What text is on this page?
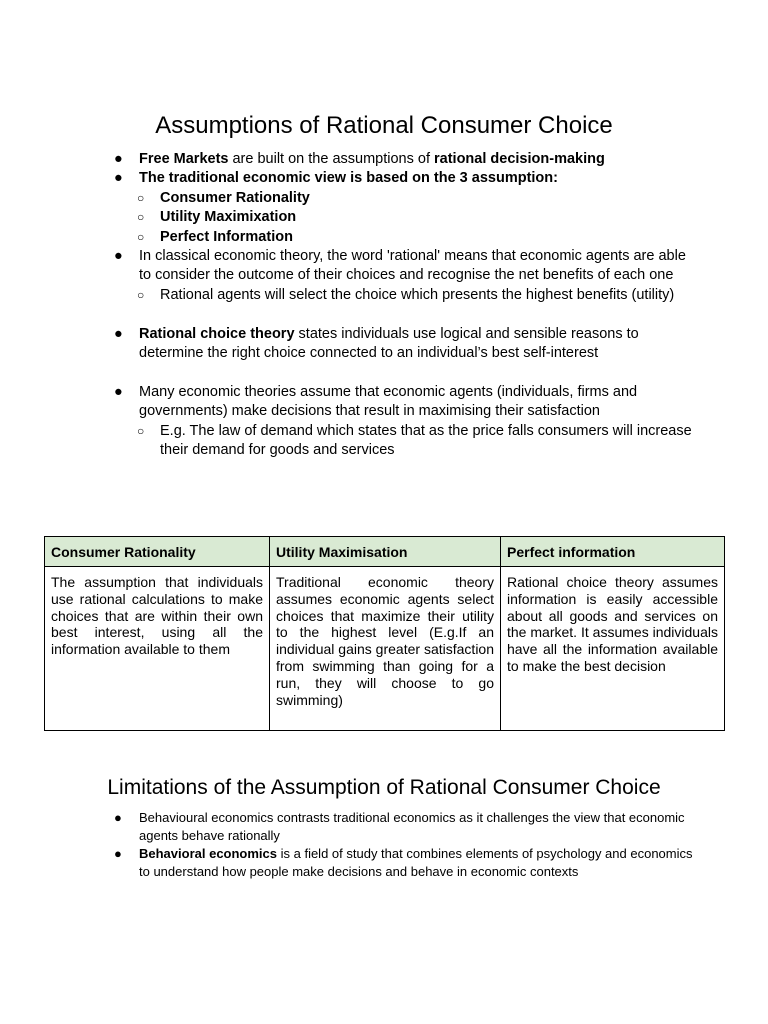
Assumptions of Rational Consumer Choice
●	Free Markets are built on the assumptions of rational decision-making
●	The traditional economic view is based on the 3 assumption:
○	Consumer Rationality
○	Utility Maximixation
○	Perfect Information
●	In classical economic theory, the word 'rational' means that economic agents are able to consider the outcome of their choices and recognise the net benefits of each one
○	Rational agents will select the choice which presents the highest benefits (utility)
●	Rational choice theory states individuals use logical and sensible reasons to determine the right choice connected to an individual’s best self-interest
●	Many economic theories assume that economic agents (individuals, firms and governments) make decisions that result in maximising their satisfaction
○	E.g. The law of demand which states that as the price falls consumers will increase their demand for goods and services
Consumer Rationality	Utility Maximisation	Perfect information
The assumption that individuals use rational calculations to make choices that are within their own best interest, using all the information available to them	Traditional economic theory assumes economic agents select choices that maximize their utility to the highest level (E.g.If an individual gains greater satisfaction from swimming than going for a run, they will choose to go swimming)	Rational choice theory assumes information is easily accessible about all goods and services on the market. It assumes individuals have all the information available to make the best decision
Limitations of the Assumption of Rational Consumer Choice
●	Behavioural economics contrasts traditional economics as it challenges the view that economic agents behave rationally
●	Behavioral economics is a field of study that combines elements of psychology and economics to understand how people make decisions and behave in economic contexts
